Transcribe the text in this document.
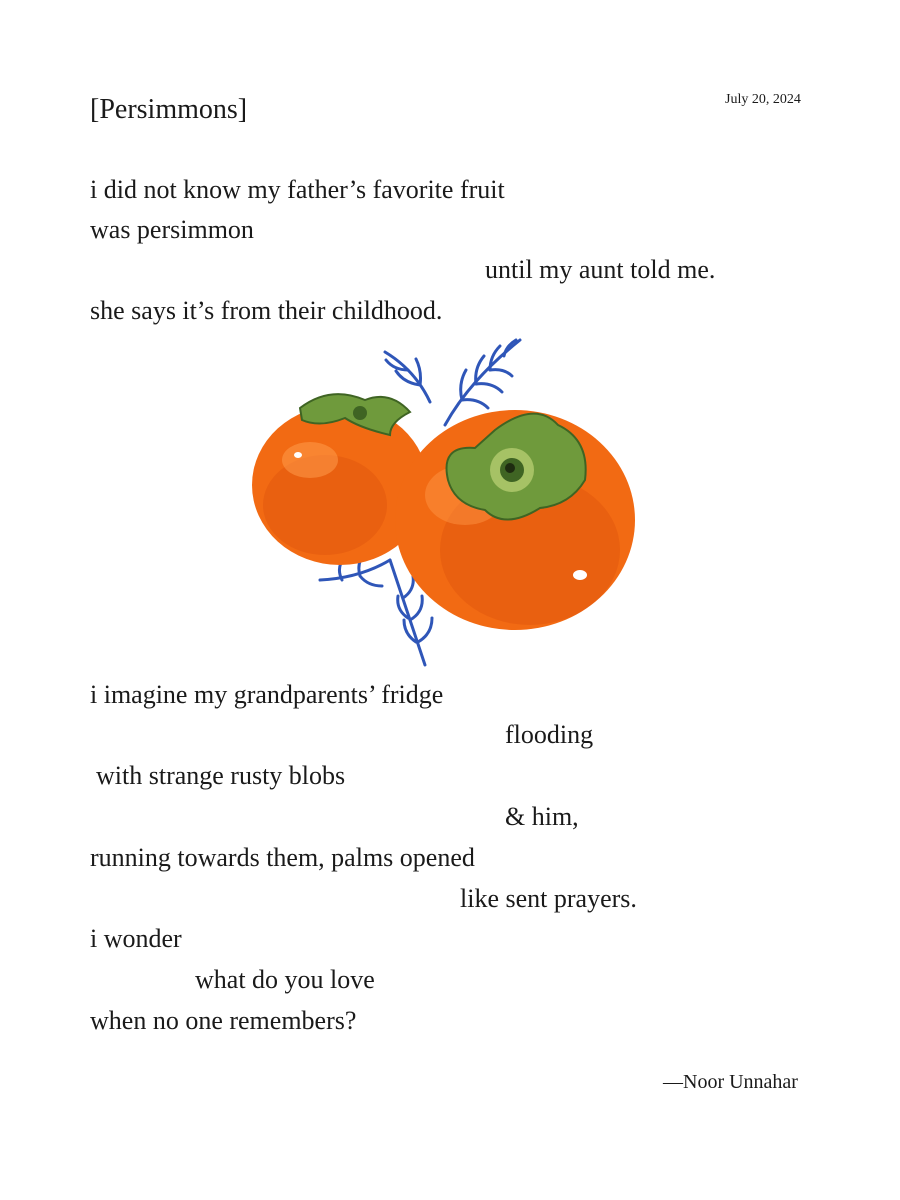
[Persimmons]	July 20, 2024
i did not know my father’s favorite fruit
was persimmon
until my aunt told me.
she says it’s from their childhood.
i imagine my grandparents’ fridge
flooding
with strange rusty blobs
& him,
running towards them, palms opened
like sent prayers.
i wonder
what do you love
when no one remembers?
—Noor Unnahar
